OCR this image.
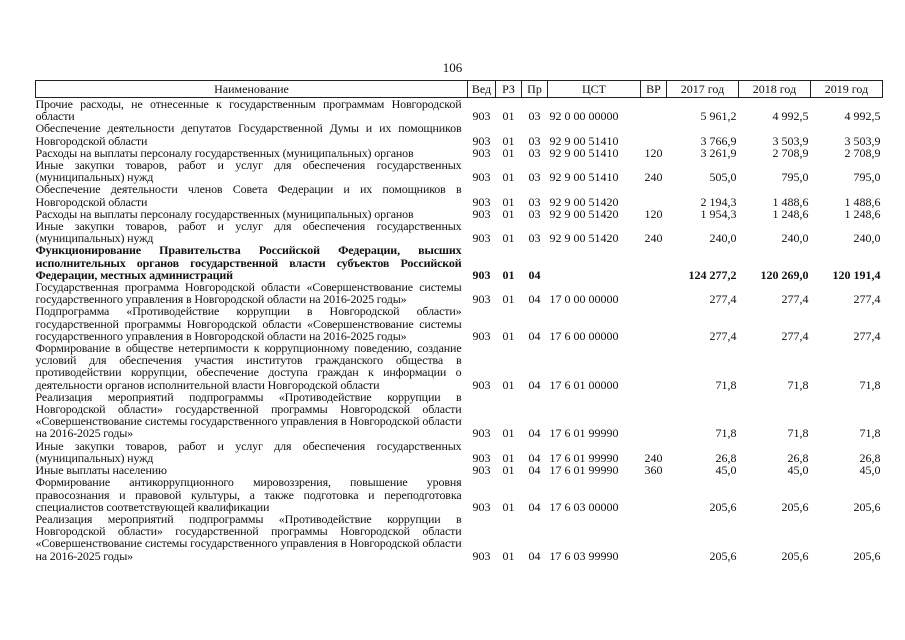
106
Наименование	Вед	РЗ	Пр	ЦСТ	ВР	2017 год	2018 год	2019 год
Прочие расходы, не отнесенные к государственным программам Новгородской области	903	01	03	92 0 00 00000		5 961,2	4 992,5	4 992,5
Обеспечение деятельности депутатов Государственной Думы и их помощников Новгородской области	903	01	03	92 9 00 51410		3 766,9	3 503,9	3 503,9
Расходы на выплаты персоналу государственных (муниципальных) органов	903	01	03	92 9 00 51410	120	3 261,9	2 708,9	2 708,9
Иные закупки товаров, работ и услуг для обеспечения государственных (муниципальных) нужд	903	01	03	92 9 00 51410	240	505,0	795,0	795,0
Обеспечение деятельности членов Совета Федерации и их помощников в Новгородской области	903	01	03	92 9 00 51420		2 194,3	1 488,6	1 488,6
Расходы на выплаты персоналу государственных (муниципальных) органов	903	01	03	92 9 00 51420	120	1 954,3	1 248,6	1 248,6
Иные закупки товаров, работ и услуг для обеспечения государственных (муниципальных) нужд	903	01	03	92 9 00 51420	240	240,0	240,0	240,0
Функционирование Правительства Российской Федерации, высших исполнительных органов государственной власти субъектов Российской Федерации, местных администраций	903	01	04			124 277,2	120 269,0	120 191,4
Государственная программа Новгородской области «Совершенствование системы государственного управления в Новгородской области на 2016-2025 годы»	903	01	04	17 0 00 00000		277,4	277,4	277,4
Подпрограмма «Противодействие коррупции в Новгородской области» государственной программы Новгородской области «Совершенствование системы государственного управления в Новгородской области на 2016-2025 годы»	903	01	04	17 6 00 00000		277,4	277,4	277,4
Формирование в обществе нетерпимости к коррупционному поведению, создание условий для обеспечения участия институтов гражданского общества в противодействии коррупции, обеспечение доступа граждан к информации о деятельности органов исполнительной власти Новгородской области	903	01	04	17 6 01 00000		71,8	71,8	71,8
Реализация мероприятий подпрограммы «Противодействие коррупции в Новгородской области» государственной программы Новгородской области «Совершенствование системы государственного управления в Новгородской области на 2016-2025 годы»	903	01	04	17 6 01 99990		71,8	71,8	71,8
Иные закупки товаров, работ и услуг для обеспечения государственных (муниципальных) нужд	903	01	04	17 6 01 99990	240	26,8	26,8	26,8
Иные выплаты населению	903	01	04	17 6 01 99990	360	45,0	45,0	45,0
Формирование антикоррупционного мировоззрения, повышение уровня правосознания и правовой культуры, а также подготовка и переподготовка специалистов соответствующей квалификации	903	01	04	17 6 03 00000		205,6	205,6	205,6
Реализация мероприятий подпрограммы «Противодействие коррупции в Новгородской области» государственной программы Новгородской области «Совершенствование системы государственного управления в Новгородской области на 2016-2025 годы»	903	01	04	17 6 03 99990		205,6	205,6	205,6
